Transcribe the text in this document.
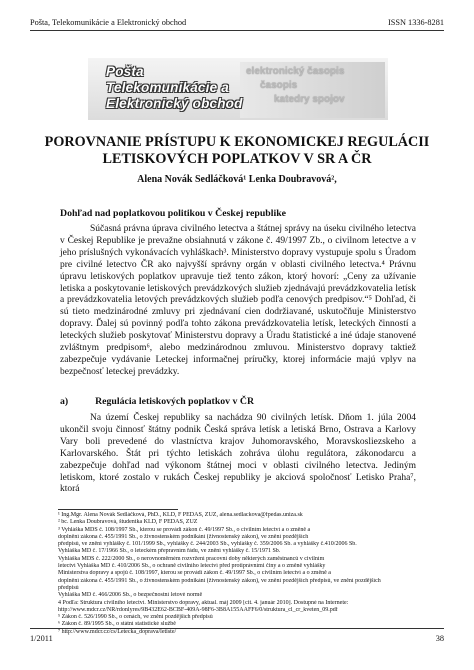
Pošta, Telekomunikácie a Elektronický obchod	ISSN 1336-8281
elektronický časopis
časopis
katedry spojov
Pošta
Telekomunikácie a
Elektronický obchod
POROVNANIE PRÍSTUPU K EKONOMICKEJ REGULÁCII
LETISKOVÝCH POPLATKOV V SR A ČR
Alena Novák Sedláčková¹ Lenka Doubravová²,
Dohľad nad poplatkovou politikou v Českej republike

Súčasná právna úprava civilného letectva a štátnej správy na úseku civilného letectva v Českej Republike je prevažne obsiahnutá v zákone č. 49/1997 Zb., o civilnom letectve a v jeho príslušných vykonávacích vyhláškach³. Ministerstvo dopravy vystupuje spolu s Úradom pre civilné letectvo ČR ako najvyšší správny orgán v oblasti civilného letectva.⁴ Právnu úpravu letiskových poplatkov upravuje tiež tento zákon, ktorý hovorí: „Ceny za užívanie letiska a poskytovanie letiskových prevádzkových služieb zjednávajú prevádzkovatelia letísk a prevádzkovatelia letových prevádzkových služieb podľa cenových predpisov.“⁵ Dohľad, či sú tieto medzinárodné zmluvy pri zjednávaní cien dodržiavané, uskutočňuje Ministerstvo dopravy. Ďalej sú povinný podľa tohto zákona prevádzkovatelia letísk, leteckých činností a leteckých služieb poskytovať Ministerstvu dopravy a Úradu štatistické a iné údaje stanovené zvláštnym predpisom⁶, alebo medzinárodnou zmluvou. Ministerstvo dopravy taktiež zabezpečuje vydávanie Leteckej informačnej príručky, ktorej informácie majú vplyv na bezpečnosť leteckej prevádzky.

a)	Regulácia letiskových poplatkov v ČR

Na území Českej republiky sa nachádza 90 civilných letísk. Dňom 1. júla 2004 ukončil svoju činnosť štátny podnik Česká správa letísk a letiská Brno, Ostrava a Karlovy Vary boli prevedené do vlastníctva krajov Juhomoravského, Moravskosliezskeho a Karlovarského. Štát pri týchto letiskách zohráva úlohu regulátora, zákonodarcu a zabezpečuje dohľad nad výkonom štátnej moci v oblasti civilného letectva. Jediným letiskom, ktoré zostalo v rukách Českej republiky je akciová spoločnosť Letisko Praha⁷, ktorá

¹ Ing.Mgr. Alena Novák Sedláčková, PhD., KLD, F PEDAS, ŽUŽ, alena.sedlackova@fpedas.uniza.sk
² bc. Lenka Doubravová, študentka KLD, F PEDAS, ŽUŽ
³ Vyhláška MDS č. 108/1997 Sb., kterou se provádí zákon č. 49/1997 Sb., o civilním letectví a o změně a
doplnění zákona č. 455/1991 Sb., o živnostenském podnikání (živnostenský zákon), ve znění pozdějších
předpisů, ve znění vyhlášky č. 101/1999 Sb., vyhlášky č. 244/2003 Sb., vyhlášky č. 359/2006 Sb. a vyhlášky č.410/2006 Sb.
Vyhláška MD č. 17/1966 Sb., o leteckém přepravním řádu, ve znění vyhlášky č. 15/1971 Sb.
Vyhláška MDS č. 222/2000 Sb., o nerovnoměrném rozvržení pracovní doby některých zaměstnanců v civilním
letectví Vyhláška MD č. 410/2006 Sb., o ochraně civilního letectví před protiprávními činy a o změně vyhlášky
Ministerstva dopravy a spojů č. 108/1997, kterou se provádí zákon č. 49/1997 Sb., o civilním letectví a o změně a
doplnění zákona č. 455/1991 Sb., o živnostenském podnikání (živnostenský zákon), ve znění pozdějších předpisů, ve znění pozdějších
předpisů
Vyhláška MD č. 466/2006 Sb., o bezpečnostní letové normě
4 Podľa: Struktura civilního letectví. Ministerstvo dopravy, aktual. máj 2009 [cit. 4. január 2010]. Dostupné na Internete:
http://www.mdcr.cz/NR/rdonlyres/9B432E62-BCBF-409A-98F6-3B8A155AAFF6/0/struktura_cl_cr_kveten_09.pdf
⁵ Zákon č. 526/1990 Sb., o cenách, ve znění pozdějších předpisů
⁶ Zákon č. 89/1995 Sb., o státní statistické službě
⁷ http://www.mdcr.cz/cs/Letecka_doprava/letiste/
1/2011	38
